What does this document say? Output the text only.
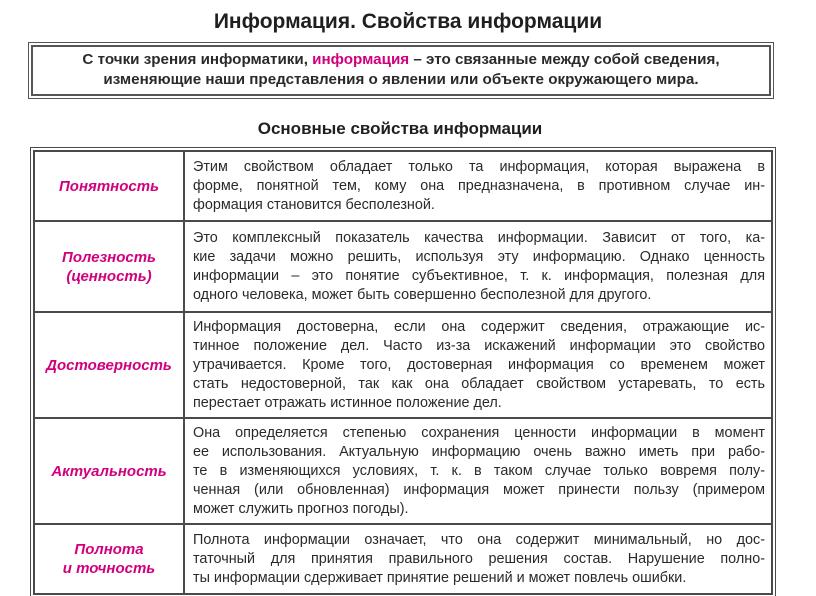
Информация. Свойства информации
С точки зрения информатики, информация – это связанные между собой сведения,
изменяющие наши представления о явлении или объекте окружающего мира.
Основные свойства информации
Понятность	Этим свойством обладает только та информация, которая выражена в
форме, понятной тем, кому она предназначена, в противном случае ин-
формация становится бесполезной.

Полезность
(ценность)	Это комплексный показатель качества информации. Зависит от того, ка-
кие задачи можно решить, используя эту информацию. Однако ценность
информации – это понятие субъективное, т. к. информация, полезная для
одного человека, может быть совершенно бесполезной для другого.

Достоверность	Информация достоверна, если она содержит сведения, отражающие ис-
тинное положение дел. Часто из-за искажений информации это свойство
утрачивается. Кроме того, достоверная информация со временем может
стать недостоверной, так как она обладает свойством устаревать, то есть
перестает отражать истинное положение дел.

Актуальность	Она определяется степенью сохранения ценности информации в момент
ее использования. Актуальную информацию очень важно иметь при рабо-
те в изменяющихся условиях, т. к. в таком случае только вовремя полу-
ченная (или обновленная) информация может принести пользу (примером
может служить прогноз погоды).

Полнота
и точность	Полнота информации означает, что она содержит минимальный, но дос-
таточный для принятия правильного решения состав. Нарушение полно-
ты информации сдерживает принятие решений и может повлечь ошибки.
